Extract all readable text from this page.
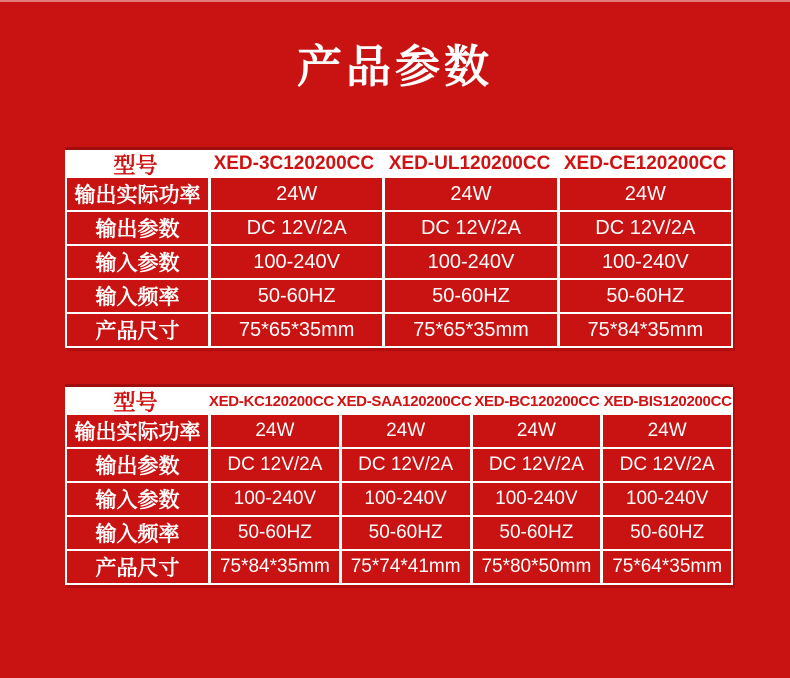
产品参数
型号	XED-3C120200CC XED-UL120200CC XED-CE120200CC
输出实际功率	24W	24W	24W
输出参数	DC 12V/2A	DC 12V/2A	DC 12V/2A
输入参数	100-240V	100-240V	100-240V
输入频率	50-60HZ	50-60HZ	50-60HZ
产品尺寸	75*65*35mm	75*65*35mm	75*84*35mm
型号	XED-KC120200CC XED-SAA120200CC XED-BC120200CC XED-BIS120200CC
输出实际功率	24W	24W	24W	24W
输出参数	DC 12V/2A	DC 12V/2A	DC 12V/2A	DC 12V/2A
输入参数	100-240V	100-240V	100-240V	100-240V
输入频率	50-60HZ	50-60HZ	50-60HZ	50-60HZ
产品尺寸	75*84*35mm	75*74*41mm	75*80*50mm	75*64*35mm
